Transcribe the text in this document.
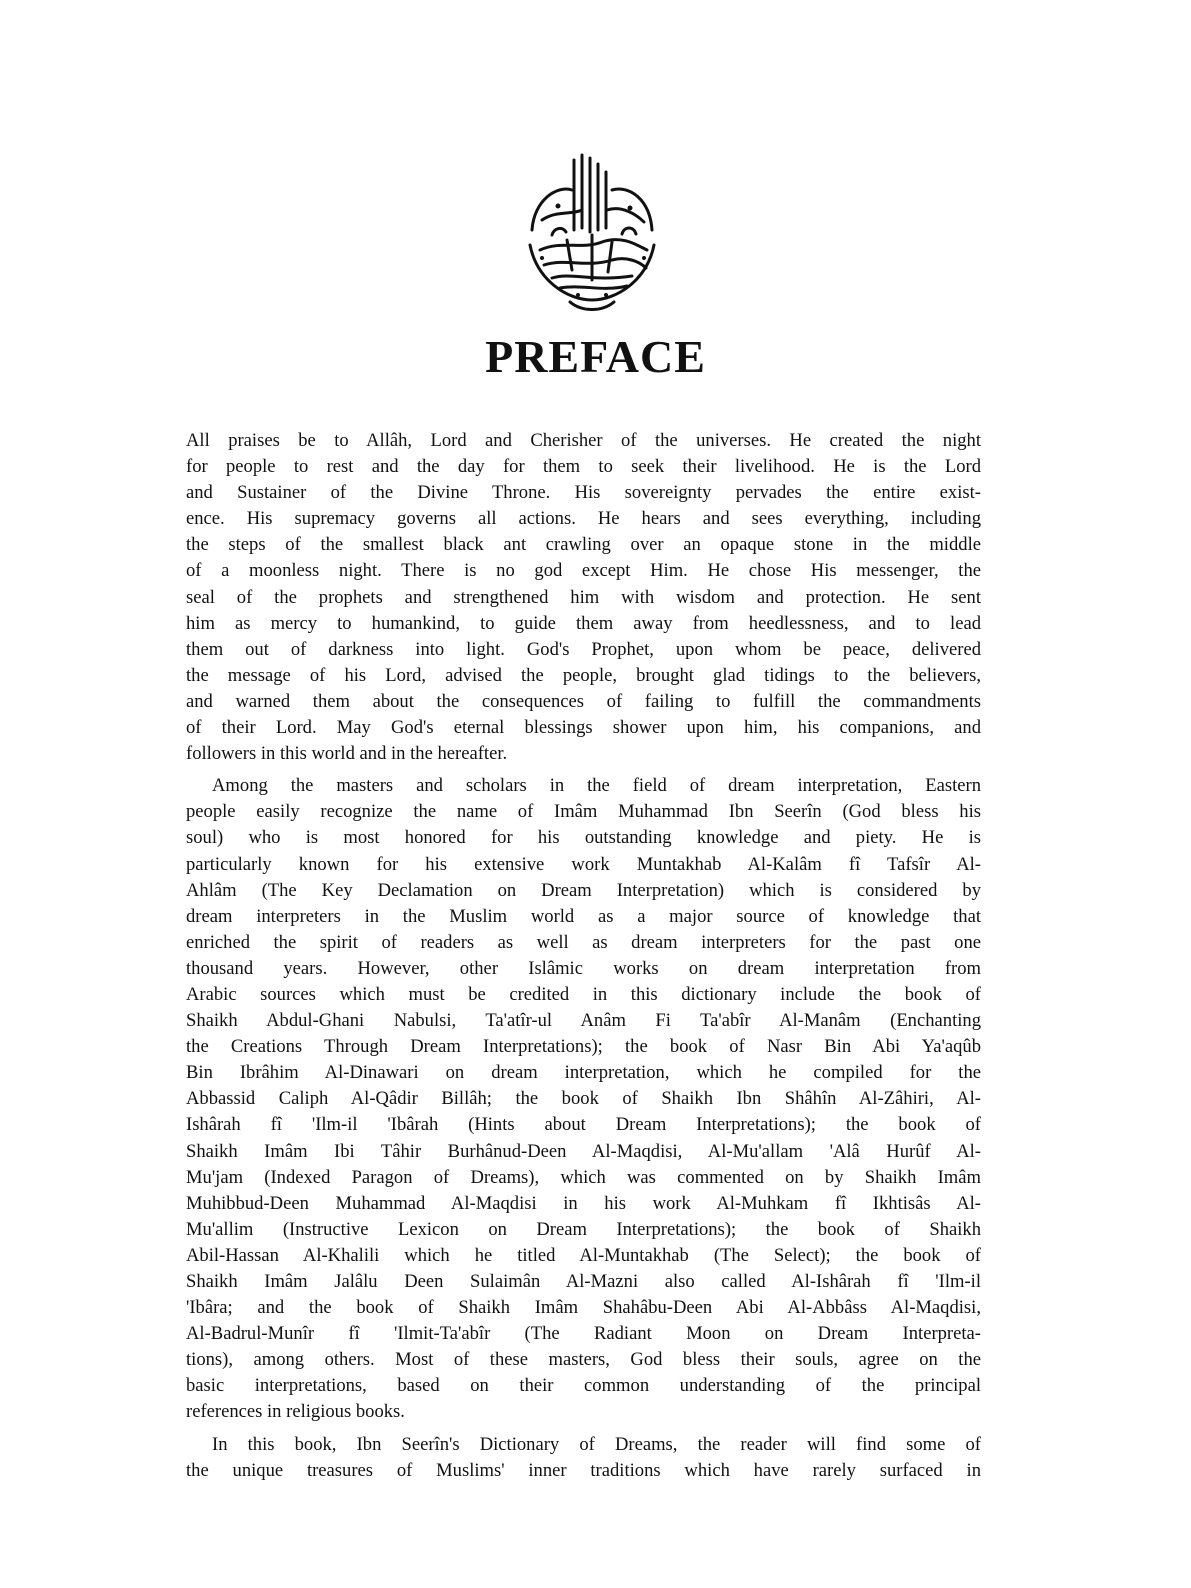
PREFACE

All praises be to Allâh, Lord and Cherisher of the universes. He created the night
for people to rest and the day for them to seek their livelihood. He is the Lord
and Sustainer of the Divine Throne. His sovereignty pervades the entire exist-
ence. His supremacy governs all actions. He hears and sees everything, including
the steps of the smallest black ant crawling over an opaque stone in the middle
of a moonless night. There is no god except Him. He chose His messenger, the
seal of the prophets and strengthened him with wisdom and protection. He sent
him as mercy to humankind, to guide them away from heedlessness, and to lead
them out of darkness into light. God's Prophet, upon whom be peace, delivered
the message of his Lord, advised the people, brought glad tidings to the believers,
and warned them about the consequences of failing to fulfill the commandments
of their Lord. May God's eternal blessings shower upon him, his companions, and
followers in this world and in the hereafter.

Among the masters and scholars in the field of dream interpretation, Eastern
people easily recognize the name of Imâm Muhammad Ibn Seerîn (God bless his
soul) who is most honored for his outstanding knowledge and piety. He is
particularly known for his extensive work Muntakhab Al-Kalâm fî Tafsîr Al-
Ahlâm (The Key Declamation on Dream Interpretation) which is considered by
dream interpreters in the Muslim world as a major source of knowledge that
enriched the spirit of readers as well as dream interpreters for the past one
thousand years. However, other Islâmic works on dream interpretation from
Arabic sources which must be credited in this dictionary include the book of
Shaikh Abdul-Ghani Nabulsi, Ta'atîr-ul Anâm Fi Ta'abîr Al-Manâm (Enchanting
the Creations Through Dream Interpretations); the book of Nasr Bin Abi Ya'aqûb
Bin Ibrâhim Al-Dinawari on dream interpretation, which he compiled for the
Abbassid Caliph Al-Qâdir Billâh; the book of Shaikh Ibn Shâhîn Al-Zâhiri, Al-
Ishârah fî 'Ilm-il 'Ibârah (Hints about Dream Interpretations); the book of
Shaikh Imâm Ibi Tâhir Burhânud-Deen Al-Maqdisi, Al-Mu'allam 'Alâ Hurûf Al-
Mu'jam (Indexed Paragon of Dreams), which was commented on by Shaikh Imâm
Muhibbud-Deen Muhammad Al-Maqdisi in his work Al-Muhkam fî Ikhtisâs Al-
Mu'allim (Instructive Lexicon on Dream Interpretations); the book of Shaikh
Abil-Hassan Al-Khalili which he titled Al-Muntakhab (The Select); the book of
Shaikh Imâm Jalâlu Deen Sulaimân Al-Mazni also called Al-Ishârah fî 'Ilm-il
'Ibâra; and the book of Shaikh Imâm Shahâbu-Deen Abi Al-Abbâss Al-Maqdisi,
Al-Badrul-Munîr fî 'Ilmit-Ta'abîr (The Radiant Moon on Dream Interpreta-
tions), among others. Most of these masters, God bless their souls, agree on the
basic interpretations, based on their common understanding of the principal
references in religious books.

In this book, Ibn Seerîn's Dictionary of Dreams, the reader will find some of
the unique treasures of Muslims' inner traditions which have rarely surfaced in
